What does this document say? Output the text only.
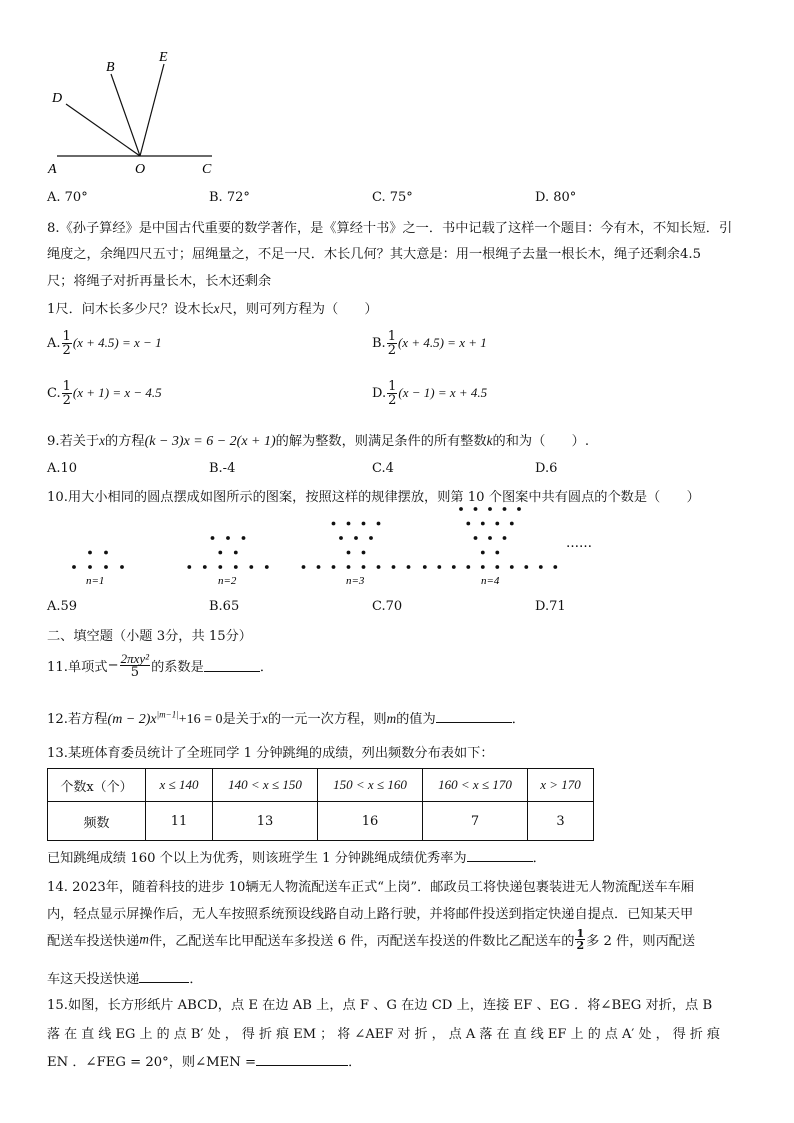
A	O	C
D
B
E
A. 70°	B. 72°	C. 75°	D. 80°
8.《孙子算经》是中国古代重要的数学著作，是《算经十书》之一．书中记载了这样一个题目：今有木，不知长短．引
绳度之，余绳四尺五寸；屈绳量之，不足一尺．木长几何？其大意是：用一根绳子去量一根长木，绳子还剩余4.5
尺；将绳子对折再量长木，长木还剩余
1尺．问木长多少尺？设木长x尺，则可列方程为（　　）
A. $\frac{1}{2} (x + 4.5) = x - 1$	B. $\frac{1}{2} (x + 4.5) = x + 1$
C. $\frac{1}{2} (x + 1) = x - 4.5$	D. $\frac{1}{2} (x - 1) = x + 4.5$
9.若关于x的方程(k − 3)x = 6 − 2(x + 1)的解为整数，则满足条件的所有整数k的和为（　　）.
A.10	B.-4	C.4	D.6
10.用大小相同的圆点摆成如图所示的图案，按照这样的规律摆放，则第 10 个图案中共有圆点的个数是（　　）
n=1	n=2	n=3	n=4
……
A.59	B.65	C.70	D.71
二、填空题（小题 3分，共 15分）
11.单项式− $\frac{\text{2πxy²}}{5}$ 的系数是	．
12.若方程$(m - 2)x^{|m-1|}+16 = 0$是关于x的一元一次方程，则m的值为	．
13.某班体育委员统计了全班同学 1 分钟跳绳的成绩，列出频数分布表如下：
个数x（个）	x ≤ 140	140 < x ≤ 150	150 < x ≤ 160	160 < x ≤ 170	x > 170
频数	11	13	16	7	3
已知跳绳成绩 160 个以上为优秀，则该班学生 1 分钟跳绳成绩优秀率为	．
14. 2023年，随着科技的进步 10辆无人物流配送车正式“上岗”．邮政员工将快递包裹装进无人物流配送车车厢
内，轻点显示屏操作后，无人车按照系统预设线路自动上路行驶，并将邮件投送到指定快递自提点．已知某天甲
配送车投送快递m件，乙配送车比甲配送车多投送 6 件，丙配送车投送的件数比乙配送车的 $\frac{1}{2}$ 多 2 件，则丙配送
车这天投送快递	．
15.如图，长方形纸片 ABCD，点 E 在边 AB 上，点 F 、G 在边 CD 上，连接 EF 、EG ．将∠BEG 对折，点 B
落 在 直 线 EG 上 的 点 B′ 处 ， 得 折 痕 EM ； 将 ∠AEF 对 折 ， 点 A 落 在 直 线 EF 上 的 点 A′ 处 ， 得 折 痕
EN ．∠FEG = 20°，则∠MEN =	．
